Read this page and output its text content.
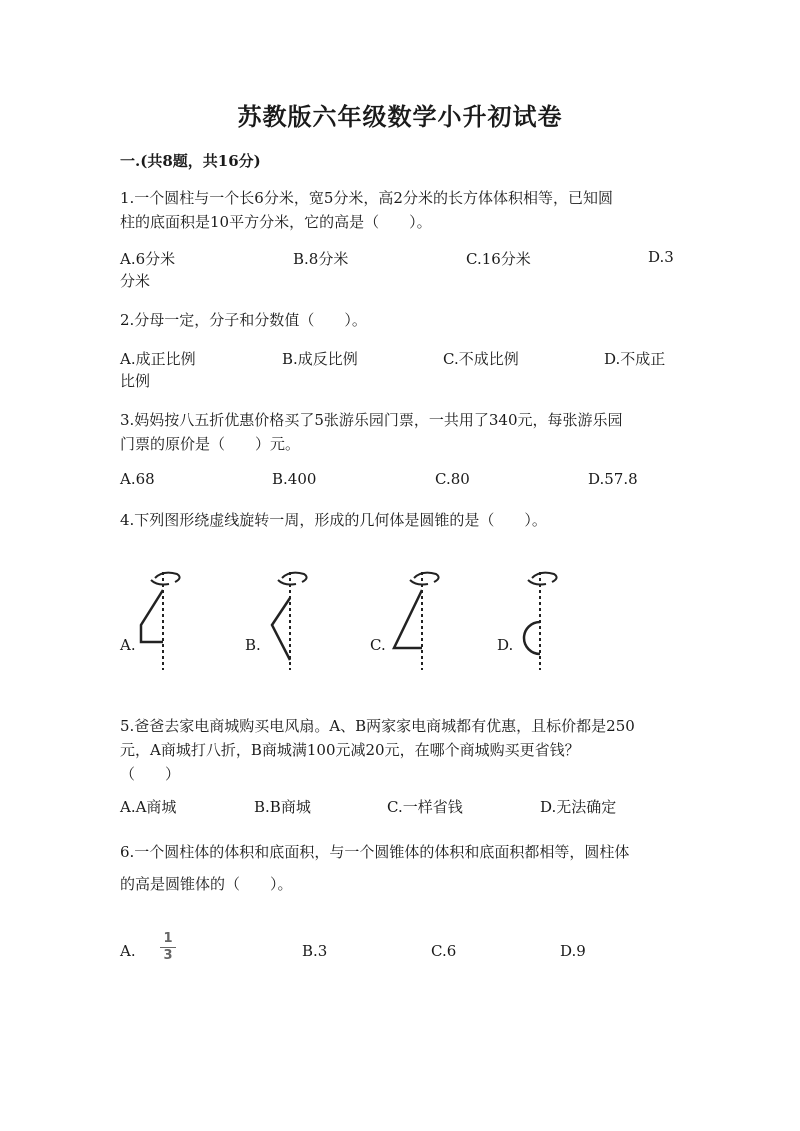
苏教版六年级数学小升初试卷
一.(共8题，共16分)
1.一个圆柱与一个长6分米，宽5分米，高2分米的长方体体积相等，已知圆
柱的底面积是10平方分米，它的高是（　　）。
A.6分米	B.8分米	C.16分米	D.3
分米
2.分母一定，分子和分数值（　　）。
A.成正比例	B.成反比例	C.不成比例	D.不成正
比例
3.妈妈按八五折优惠价格买了5张游乐园门票，一共用了340元，每张游乐园
门票的原价是（　　）元。
A.68	B.400	C.80	D.57.8
4.下列图形绕虚线旋转一周，形成的几何体是圆锥的是（　　）。
A.	B.	C.	D.
5.爸爸去家电商城购买电风扇。A、B两家家电商城都有优惠，且标价都是250
元，A商城打八折，B商城满100元减20元，在哪个商城购买更省钱？
（　　）
A.A商城	B.B商城	C.一样省钱	D.无法确定
6.一个圆柱体的体积和底面积，与一个圆锥体的体积和底面积都相等，圆柱体
的高是圆锥体的（　　）。
A.
1
3	B.3	C.6	D.9
